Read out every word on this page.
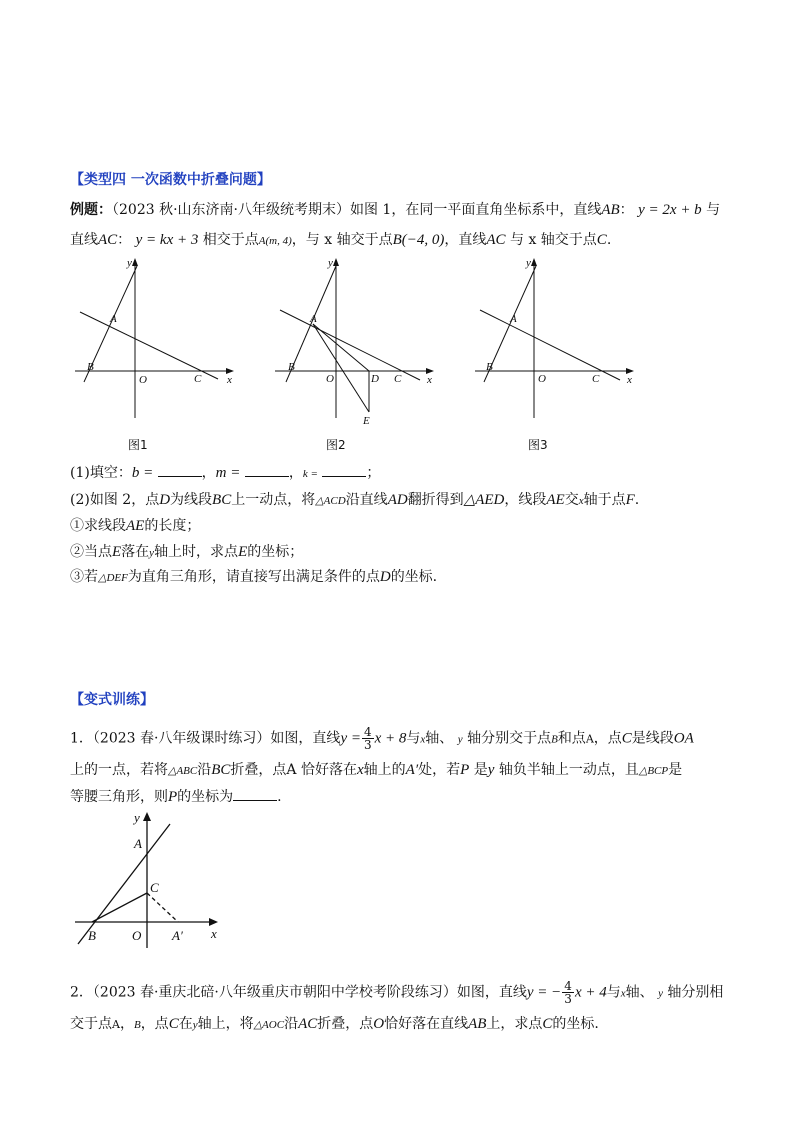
【类型四 一次函数中折叠问题】
例题：（2023 秋·山东济南·八年级统考期末）如图 1，在同一平面直角坐标系中，直线AB： y = 2x + b 与
直线AC： y = kx + 3 相交于点A(m, 4)，与 x 轴交于点B(−4, 0)，直线AC 与 x 轴交于点C.
y
x
A
B
C
O
图1
y
x
A
B
C
O	D
E
图2
y
x
A
B
C
O
图3
(1)填空：b =	，m =	，k =	；
(2)如图 2，点D为线段BC上一动点，将△ACD沿直线AD翻折得到△AED，线段AE交x轴于点F.
①求线段AE的长度；
②当点E落在y轴上时，求点E的坐标；
③若△DEF为直角三角形，请直接写出满足条件的点D的坐标.
【变式训练】
1．（2023 春·八年级课时练习）如图，直线$y = \frac{4}{3}$ x + 8与x轴、 y 轴分别交于点B和点A，点C是线段OA
上的一点，若将△ABC沿BC折叠，点A 恰好落在x轴上的A′处，若P 是y 轴负半轴上一动点，且△BCP是
等腰三角形，则P的坐标为	.
y
x
A
C
B	O A′
2．（2023 春·重庆北碚·八年级重庆市朝阳中学校考阶段练习）如图，直线y = − $\frac{4}{3}$ x + 4与x轴、 y 轴分别相
交于点A，B，点C在y轴上，将△AOC沿AC折叠，点O恰好落在直线AB上，求点C的坐标.
